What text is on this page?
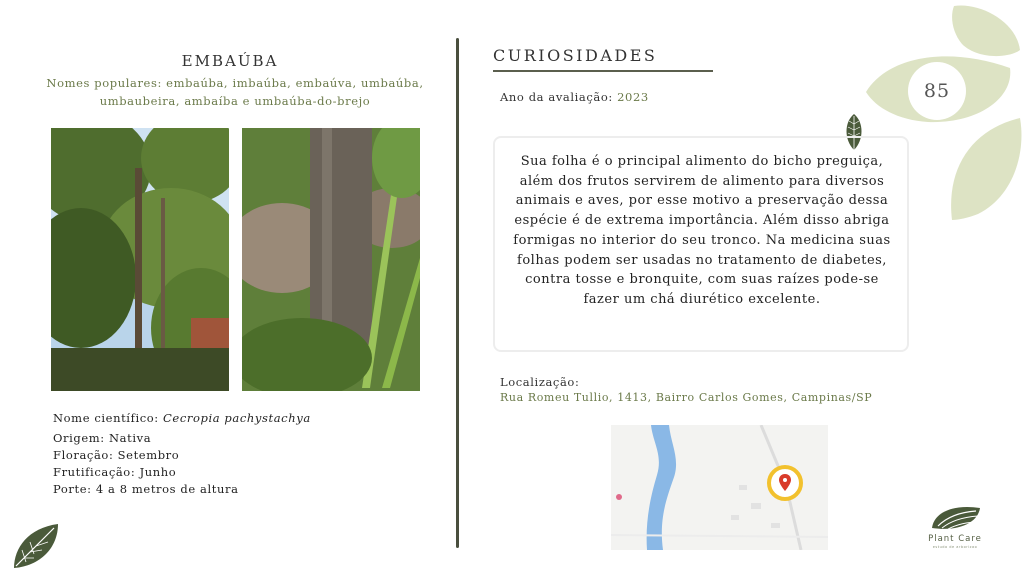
85
EMBAÚBA
Nomes populares: embaúba, imbaúba, embaúva, umbaúba, umbaubeira, ambaíba e umbaúba-do-brejo
Nome científico: Cecropia pachystachya
Origem: Nativa
Floração: Setembro
Frutificação: Junho
Porte: 4 a 8 metros de altura
CURIOSIDADES
Ano da avaliação: 2023
Sua folha é o principal alimento do bicho preguiça, além dos frutos servirem de alimento para diversos animais e aves, por esse motivo a preservação dessa espécie é de extrema importância. Além disso abriga formigas no interior do seu tronco. Na medicina suas folhas podem ser usadas no tratamento de diabetes, contra tosse e bronquite, com suas raízes pode-se fazer um chá diurético excelente.
Localização:
Rua Romeu Tullio, 1413, Bairro Carlos Gomes, Campinas/SP
Plant Care
estudo de arborizao
